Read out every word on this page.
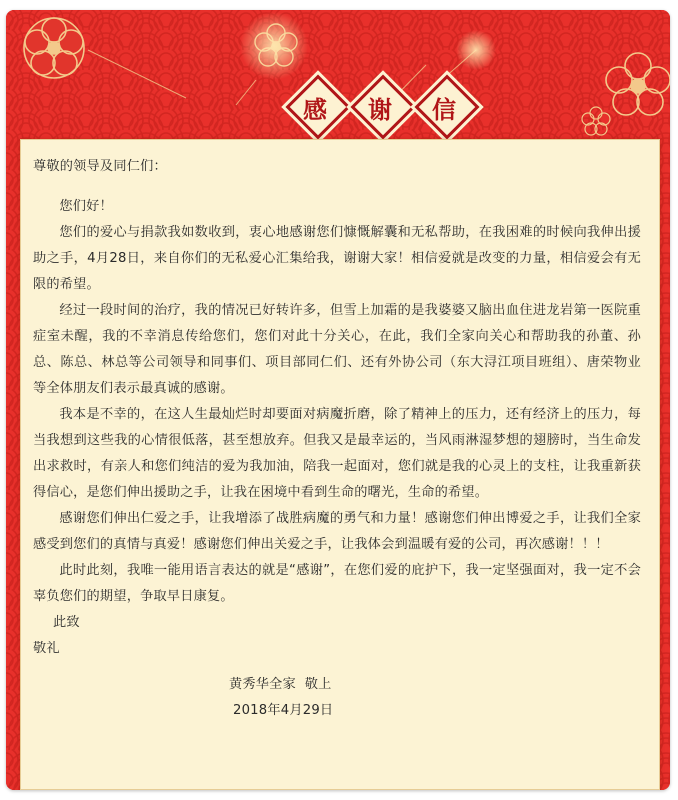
感	谢	信

尊敬的领导及同仁们：

您们好！

您们的爱心与捐款我如数收到，衷心地感谢您们慷慨解囊和无私帮助，在我困难的时候向我伸出援助之手，4月28日，来自你们的无私爱心汇集给我，谢谢大家！相信爱就是改变的力量，相信爱会有无限的希望。

经过一段时间的治疗，我的情况已好转许多，但雪上加霜的是我婆婆又脑出血住进龙岩第一医院重症室未醒，我的不幸消息传给您们，您们对此十分关心，在此，我们全家向关心和帮助我的孙董、孙总、陈总、林总等公司领导和同事们、项目部同仁们、还有外协公司（东大浔江项目班组）、唐荣物业等全体朋友们表示最真诚的感谢。

我本是不幸的，在这人生最灿烂时却要面对病魔折磨，除了精神上的压力，还有经济上的压力，每当我想到这些我的心情很低落，甚至想放弃。但我又是最幸运的，当风雨淋湿梦想的翅膀时，当生命发出求救时，有亲人和您们纯洁的爱为我加油，陪我一起面对，您们就是我的心灵上的支柱，让我重新获得信心，是您们伸出援助之手，让我在困境中看到生命的曙光，生命的希望。

感谢您们伸出仁爱之手，让我增添了战胜病魔的勇气和力量！感谢您们伸出博爱之手，让我们全家感受到您们的真情与真爱！感谢您们伸出关爱之手，让我体会到温暖有爱的公司，再次感谢！！！

此时此刻，我唯一能用语言表达的就是“感谢”，在您们爱的庇护下，我一定坚强面对，我一定不会辜负您们的期望，争取早日康复。

此致

敬礼

黄秀华全家  敬上

2018年4月29日
